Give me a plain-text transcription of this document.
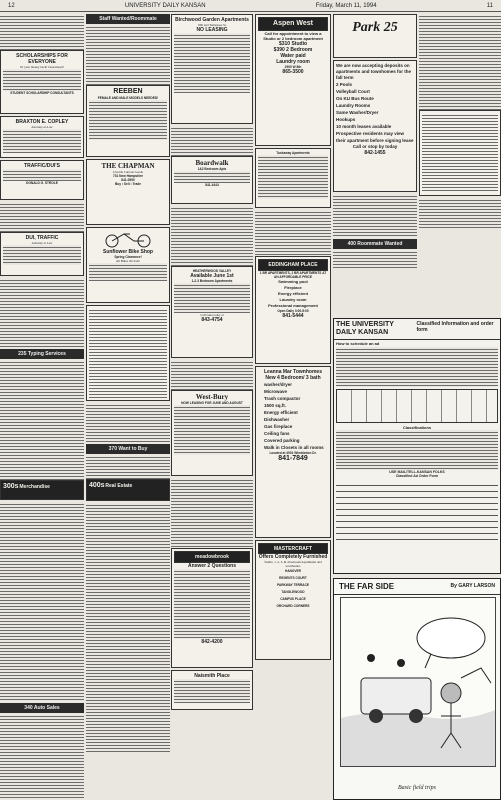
12	UNIVERSITY DAILY KANSAN	Friday, March 11, 1994	11
SCHOLARSHIPS FOR EVERYONE
Or your money back! Guaranteed!
STUDENT SCHOLARSHIP CONSULTANTS
BRAXTON E. COPLEY
Attorney-at-Law
TRAFFIC/DUI'S
DONALD G. STROLE
DUI, TRAFFIC
Attorney at Law
235 Typing Services
300s Merchandise
340 Auto Sales
Staff Wanted/Roommate
REEBEN
FEMALE AND MALE MODELS NEEDED!
THE CHAPMAN
Used & Curious Goods
731 New Hampshire
841-0550
Buy • Sell • Trade
Sunflower Bike Shop
Spring Clearance!
All Bikes On Sale!
370 Want to Buy
400s Real Estate
Birchwood Garden Apartments
19th and Tennessee St.
NO LEASING
Boardwalk
1&2 Bedroom Apts
841-4444
HEATHERWOOD VALLEY
Available June 1st
1-2-3 Bedroom Apartments
Call Gina today at
843-4754
West-Bury
NOW LEASING FOR JUNE AND AUGUST
meadowbrook
Answer 2 Questions
842-4200
Naismith Place
Aspen West
Call for appointment to view a Studio or 2 bedroom apartment
$310 Studio
$390 2 Bedroom
Water paid
Laundry room
2900 W 8th
865-3500
Tuckaway Apartments
EDDINGHAM PLACE
1 BR APARTMENTS, 2 BR APARTMENTS AT AN AFFORDABLE PRICE
Swimming pool
Fireplace
Energy efficient
Laundry room
Professional management
Open Daily 3:00-5:00
841-5444
Leanna Mar Townhomes
New 4 Bedroom/ 3 bath
washer/dryer
Microwave
Trash compactor
1500 sq.ft.
Energy efficient
Dishwasher
Gas fireplace
Ceiling fans
Covered parking
Walk in Closets in all rooms
Located at 4501 Wimbledon Dr.
841-7849
MASTERCRAFT
Offers Completely Furnished
Studio, 1, 2, 3, & 4 bedroom Apartments and townhomes
HANOVER
REGENTS COURT
PARKWAY TERRACE
TANGLEWOOD
CAMPUS PLACE
ORCHARD CORNERS
Park 25
We are now accepting deposits on apartments and townhomes for the fall term
2 Pools
Volleyball Court
On KU Bus Route
Laundry Rooms
Same Washer/Dryer
Hookups
10 month leases available
Prospective residents may view their apartment before signing lease
Call or stop by today
842-1455
400 Roommate Wanted
THE UNIVERSITY DAILY KANSAN
Classified Information and order form
How to schedule an ad
Classifications
USE MAIL/TELL-KANSAN FOLKS
Classified Ad Order Form
THE FAR SIDE	By GARY LARSON
Basic field trips
